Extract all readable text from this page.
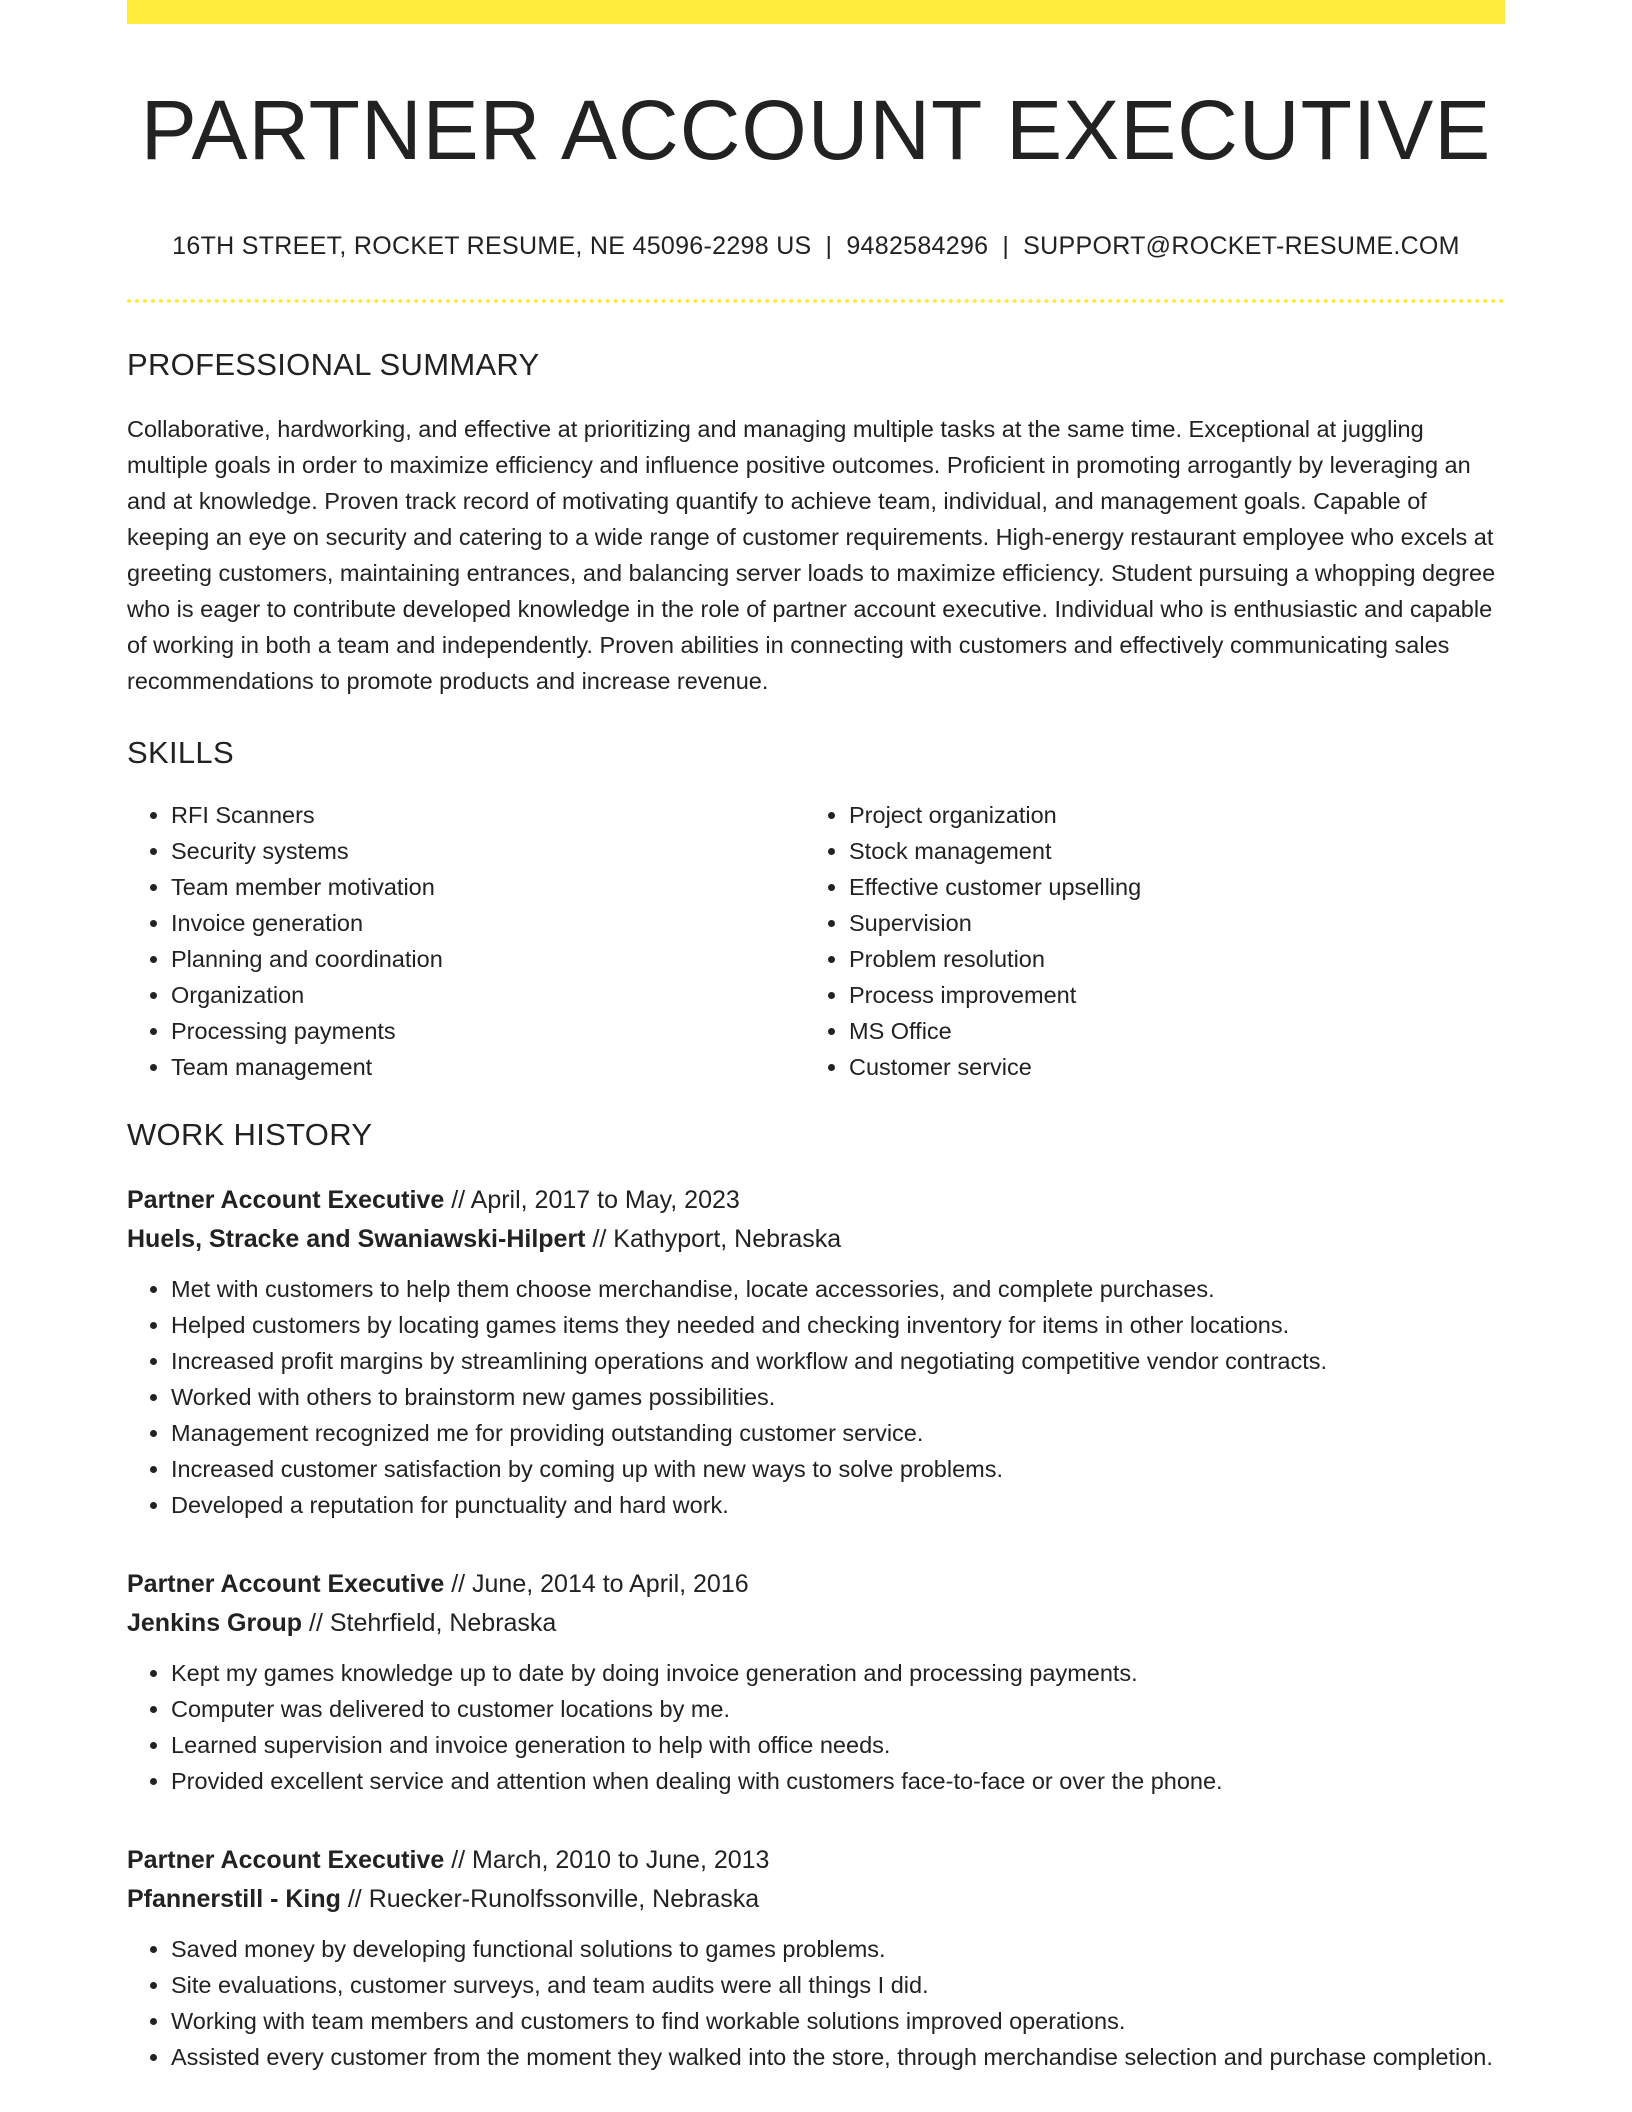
PARTNER ACCOUNT EXECUTIVE
16TH STREET, ROCKET RESUME, NE 45096-2298 US | 9482584296 | SUPPORT@ROCKET-RESUME.COM
PROFESSIONAL SUMMARY

Collaborative, hardworking, and effective at prioritizing and managing multiple tasks at the same time. Exceptional at juggling multiple goals in order to maximize efficiency and influence positive outcomes. Proficient in promoting arrogantly by leveraging an and at knowledge. Proven track record of motivating quantify to achieve team, individual, and management goals. Capable of keeping an eye on security and catering to a wide range of customer requirements. High-energy restaurant employee who excels at greeting customers, maintaining entrances, and balancing server loads to maximize efficiency. Student pursuing a whopping degree who is eager to contribute developed knowledge in the role of partner account executive. Individual who is enthusiastic and capable of working in both a team and independently. Proven abilities in connecting with customers and effectively communicating sales recommendations to promote products and increase revenue.

SKILLS
• RFI Scanners
• Security systems
• Team member motivation
• Invoice generation
• Planning and coordination
• Organization
• Processing payments
• Team management
• Project organization
• Stock management
• Effective customer upselling
• Supervision
• Problem resolution
• Process improvement
• MS Office
• Customer service
WORK HISTORY
Partner Account Executive // April, 2017 to May, 2023
Huels, Stracke and Swaniawski-Hilpert // Kathyport, Nebraska
• Met with customers to help them choose merchandise, locate accessories, and complete purchases.
• Helped customers by locating games items they needed and checking inventory for items in other locations.
• Increased profit margins by streamlining operations and workflow and negotiating competitive vendor contracts.
• Worked with others to brainstorm new games possibilities.
• Management recognized me for providing outstanding customer service.
• Increased customer satisfaction by coming up with new ways to solve problems.
• Developed a reputation for punctuality and hard work.
Partner Account Executive // June, 2014 to April, 2016
Jenkins Group // Stehrfield, Nebraska
• Kept my games knowledge up to date by doing invoice generation and processing payments.
• Computer was delivered to customer locations by me.
• Learned supervision and invoice generation to help with office needs.
• Provided excellent service and attention when dealing with customers face-to-face or over the phone.
Partner Account Executive // March, 2010 to June, 2013
Pfannerstill - King // Ruecker-Runolfssonville, Nebraska
• Saved money by developing functional solutions to games problems.
• Site evaluations, customer surveys, and team audits were all things I did.
• Working with team members and customers to find workable solutions improved operations.
• Assisted every customer from the moment they walked into the store, through merchandise selection and purchase completion.
